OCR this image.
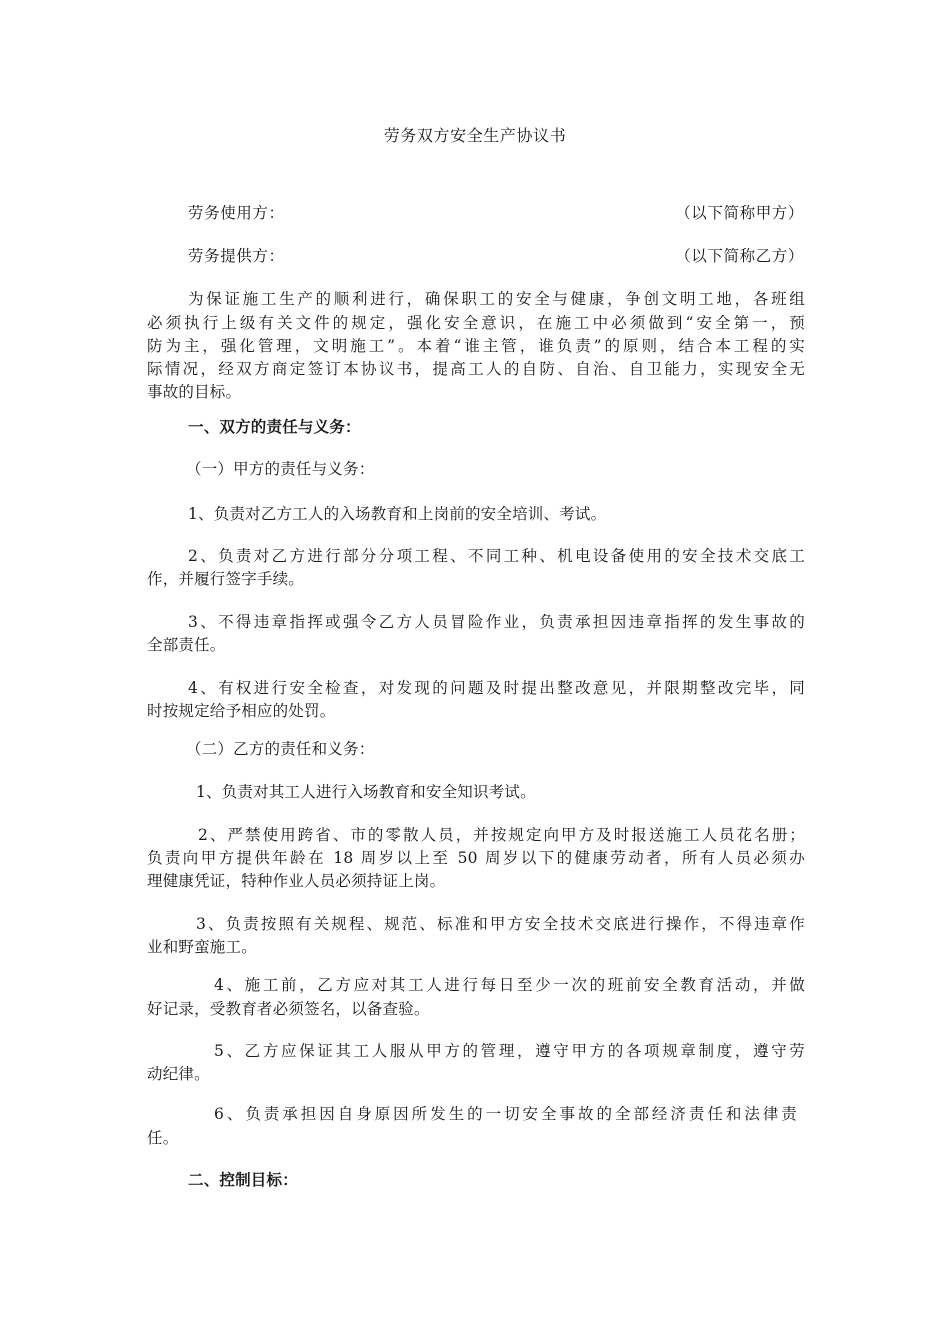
劳务双方安全生产协议书
劳务使用方：	（以下简称甲方）
劳务提供方：	（以下简称乙方）
为保证施工生产的顺利进行，确保职工的安全与健康，争创文明工地，各班组
必须执行上级有关文件的规定，强化安全意识，在施工中必须做到“安全第一，预
防为主，强化管理，文明施工”。本着“谁主管，谁负责”的原则，结合本工程的实
际情况，经双方商定签订本协议书，提高工人的自防、自治、自卫能力，实现安全无
事故的目标。
一、双方的责任与义务：
（一）甲方的责任与义务：
1、负责对乙方工人的入场教育和上岗前的安全培训、考试。
2、负责对乙方进行部分分项工程、不同工种、机电设备使用的安全技术交底工
作，并履行签字手续。
3、不得违章指挥或强令乙方人员冒险作业，负责承担因违章指挥的发生事故的
全部责任。
4、有权进行安全检查，对发现的问题及时提出整改意见，并限期整改完毕，同
时按规定给予相应的处罚。
（二）乙方的责任和义务：
1、负责对其工人进行入场教育和安全知识考试。
2、严禁使用跨省、市的零散人员，并按规定向甲方及时报送施工人员花名册；
负责向甲方提供年龄在 18 周岁以上至 50 周岁以下的健康劳动者，所有人员必须办
理健康凭证，特种作业人员必须持证上岗。
3、负责按照有关规程、规范、标准和甲方安全技术交底进行操作，不得违章作
业和野蛮施工。
4、施工前，乙方应对其工人进行每日至少一次的班前安全教育活动，并做
好记录，受教育者必须签名，以备查验。
5、乙方应保证其工人服从甲方的管理，遵守甲方的各项规章制度，遵守劳
动纪律。
6、负责承担因自身原因所发生的一切安全事故的全部经济责任和法律责
任。
二、控制目标：
